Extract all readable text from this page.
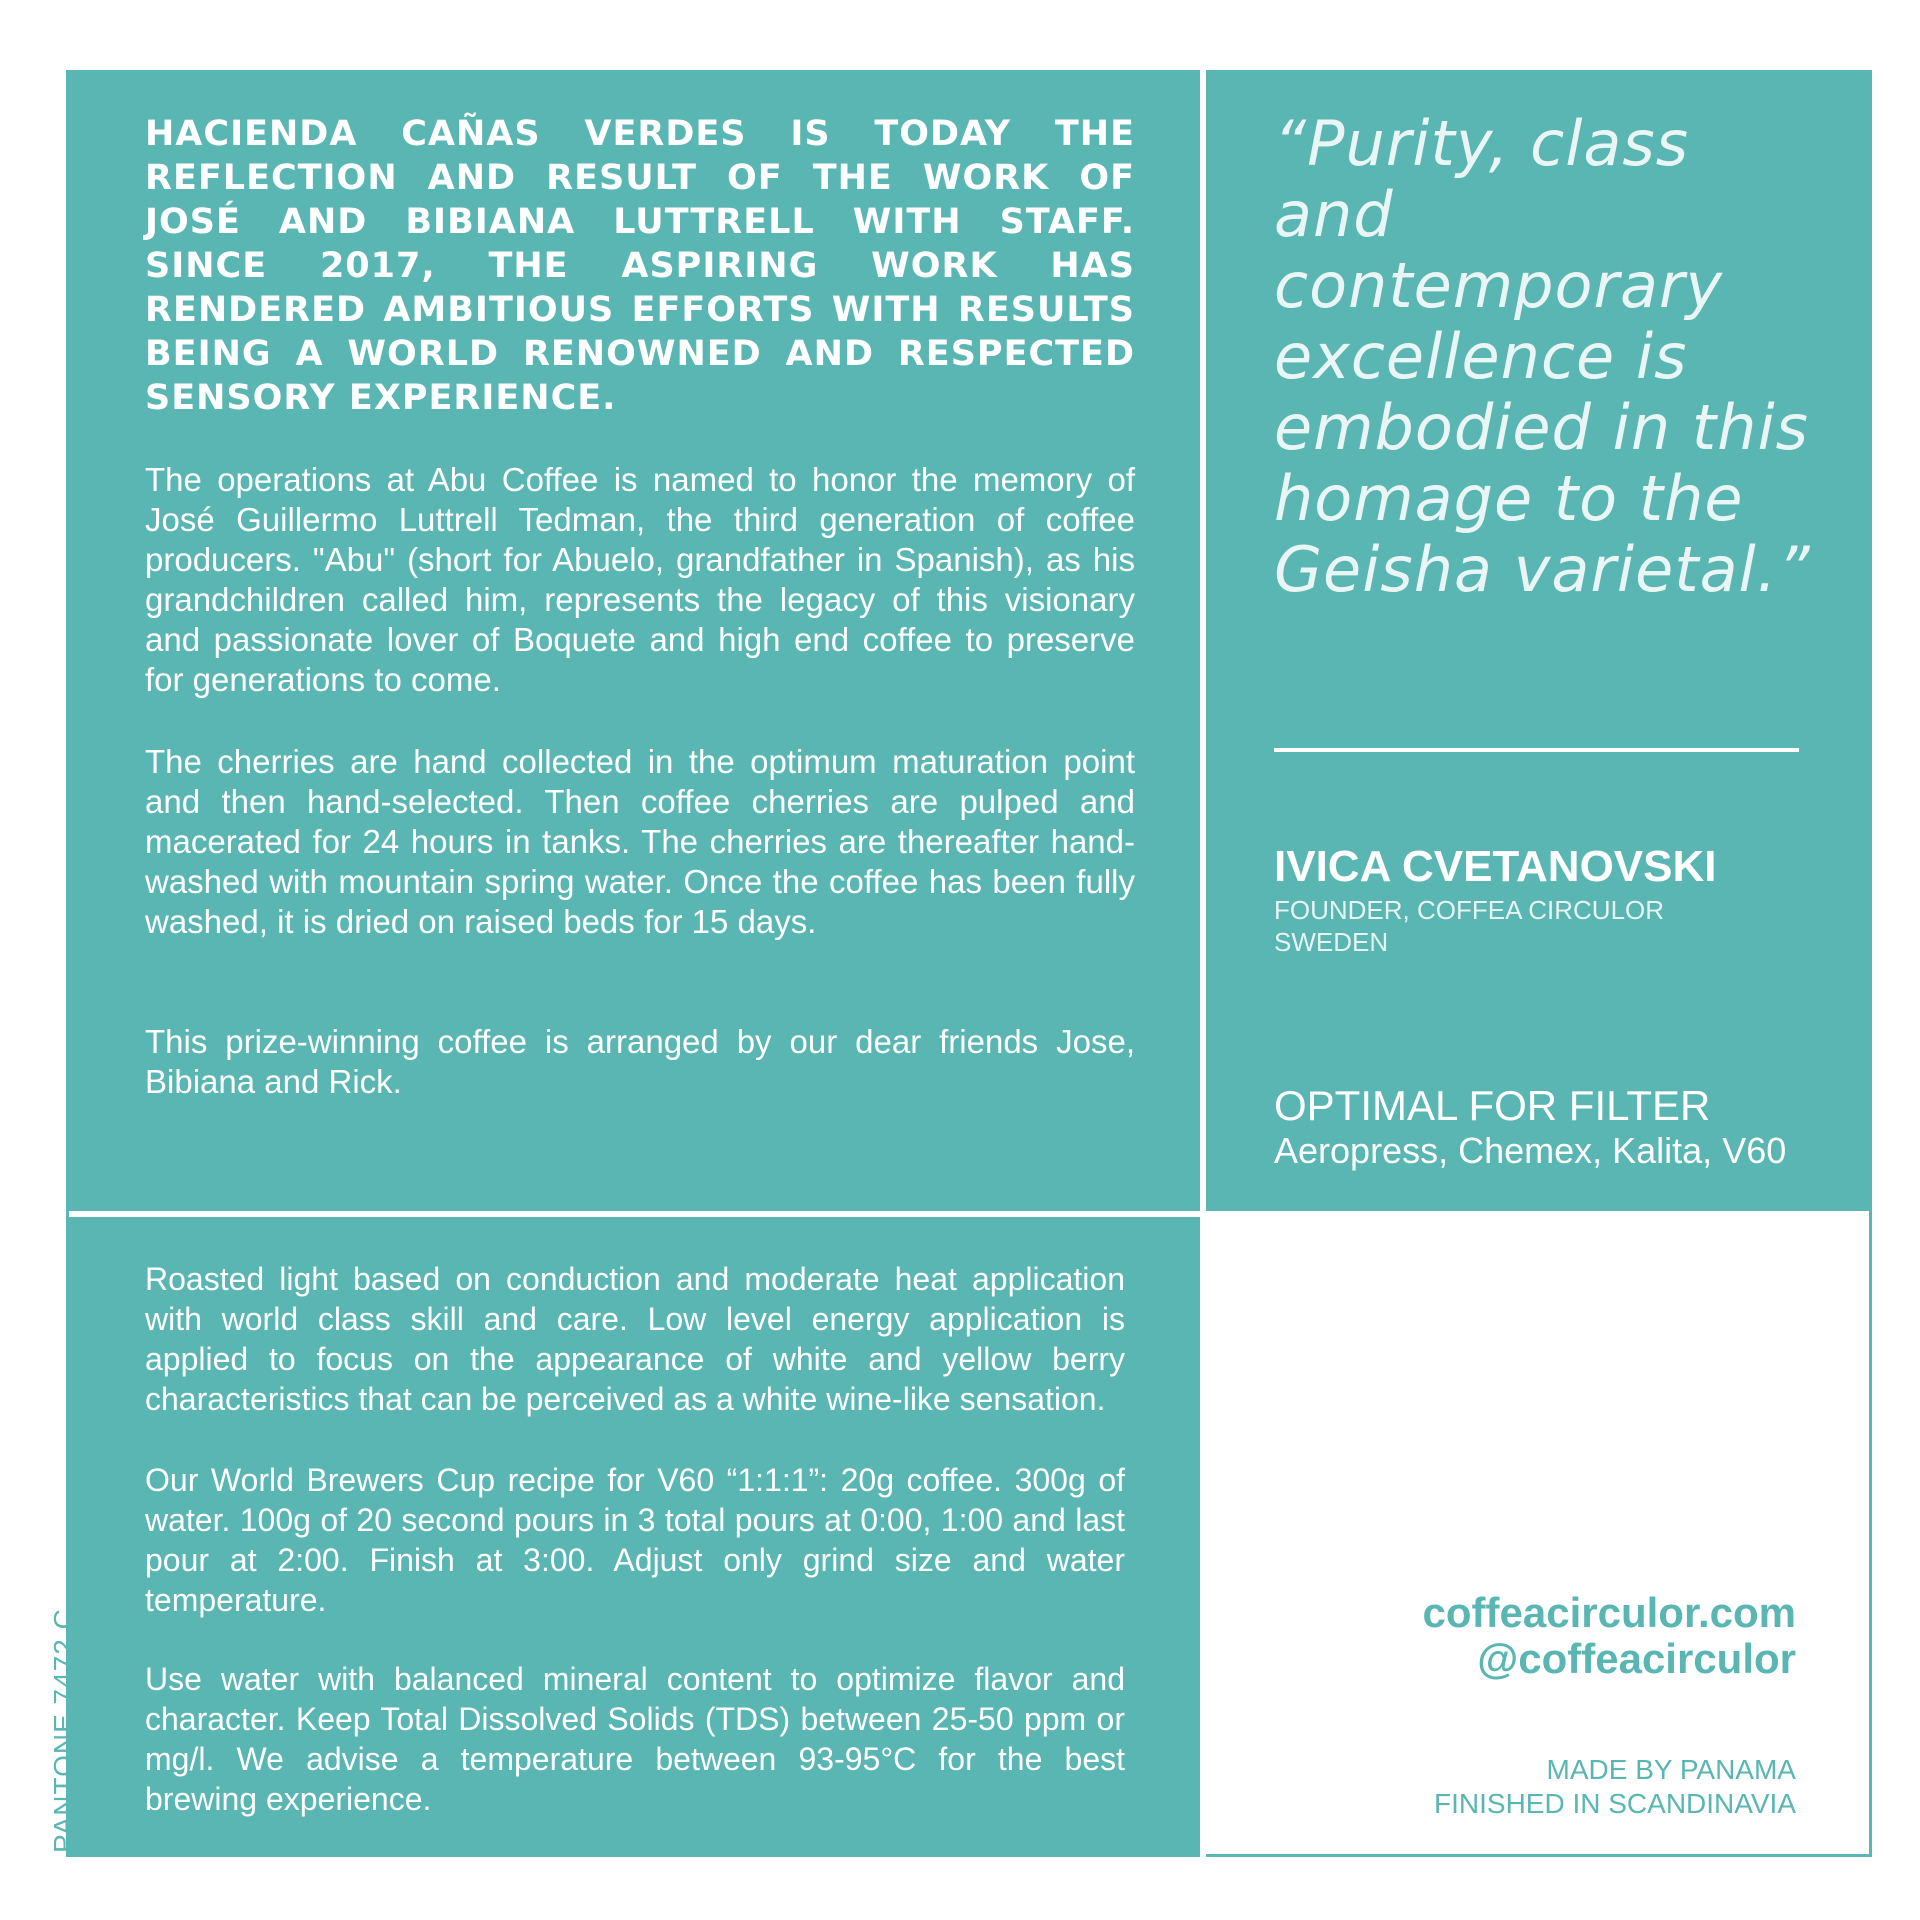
HACIENDA CAÑAS VERDES IS TODAY THE REFLECTION AND RESULT OF THE WORK OF JOSÉ AND BIBIANA LUTTRELL WITH STAFF. SINCE 2017, THE ASPIRING WORK HAS RENDERED AMBITIOUS EFFORTS WITH RESULTS BEING A WORLD RENOWNED AND RESPECTED SENSORY EXPERIENCE.

The operations at Abu Coffee is named to honor the memory of José Guillermo Luttrell Tedman, the third generation of coffee producers. "Abu" (short for Abuelo, grandfather in Spanish), as his grandchildren called him, represents the legacy of this visionary and passionate lover of Boquete and high end coffee to preserve for generations to come.

The cherries are hand collected in the optimum maturation point and then hand-selected. Then coffee cherries are pulped and macerated for 24 hours in tanks. The cherries are thereafter hand-washed with mountain spring water. Once the coffee has been fully washed, it is dried on raised beds for 15 days.

This prize-winning coffee is arranged by our dear friends Jose, Bibiana and Rick.

“Purity, class and contemporary excellence is embodied in this homage to the Geisha varietal.”
IVICA CVETANOVSKI
FOUNDER, COFFEA CIRCULOR
SWEDEN
OPTIMAL FOR FILTER
Aeropress, Chemex, Kalita, V60

Roasted light based on conduction and moderate heat application with world class skill and care. Low level energy application is applied to focus on the appearance of white and yellow berry characteristics that can be perceived as a white wine-like sensation.

Our World Brewers Cup recipe for V60 “1:1:1”: 20g coffee. 300g of water. 100g of 20 second pours in 3 total pours at 0:00, 1:00 and last pour at 2:00. Finish at 3:00. Adjust only grind size and water temperature.

Use water with balanced mineral content to optimize flavor and character. Keep Total Dissolved Solids (TDS) between 25-50 ppm or mg/l. We advise a temperature between 93-95°C for the best brewing experience.

coffeacirculor.com
@coffeacirculor
MADE BY PANAMA
FINISHED IN SCANDINAVIA
PANTONE 7472 C
